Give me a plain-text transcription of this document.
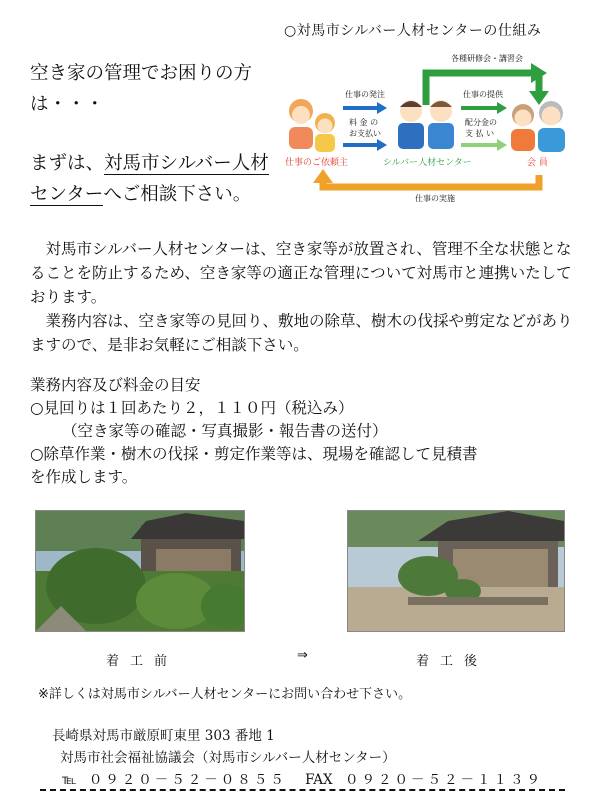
○対馬市シルバー人材センターの仕組み
空き家の管理でお困りの方は・・・
まずは、対馬市シルバー人材センターへご相談下さい。
各種研修会・講習会
仕事の実施
仕事のご依頼主
仕事の発注
料 金 の
お支払い
シルバー人材センター
仕事の提供
配分金の
支 払 い
会 員

対馬市シルバー人材センターは、空き家等が放置され、管理不全な状態となることを防止するため、空き家等の適正な管理について対馬市と連携いたしております。

業務内容は、空き家等の見回り、敷地の除草、樹木の伐採や剪定などがありますので、是非お気軽にご相談下さい。

業務内容及び料金の目安
○見回りは１回あたり２，１１０円（税込み）
（空き家等の確認・写真撮影・報告書の送付）
○除草作業・樹木の伐採・剪定作業等は、現場を確認して見積書
を作成します。
着工前	⇒	着工後
※詳しくは対馬市シルバー人材センターにお問い合わせ下さい。
長崎県対馬市厳原町東里 303 番地 1
対馬市社会福祉協議会（対馬市シルバー人材センター）
℡ ０９２０－５２－０８５５ FAX ０９２０－５２－１１３９
